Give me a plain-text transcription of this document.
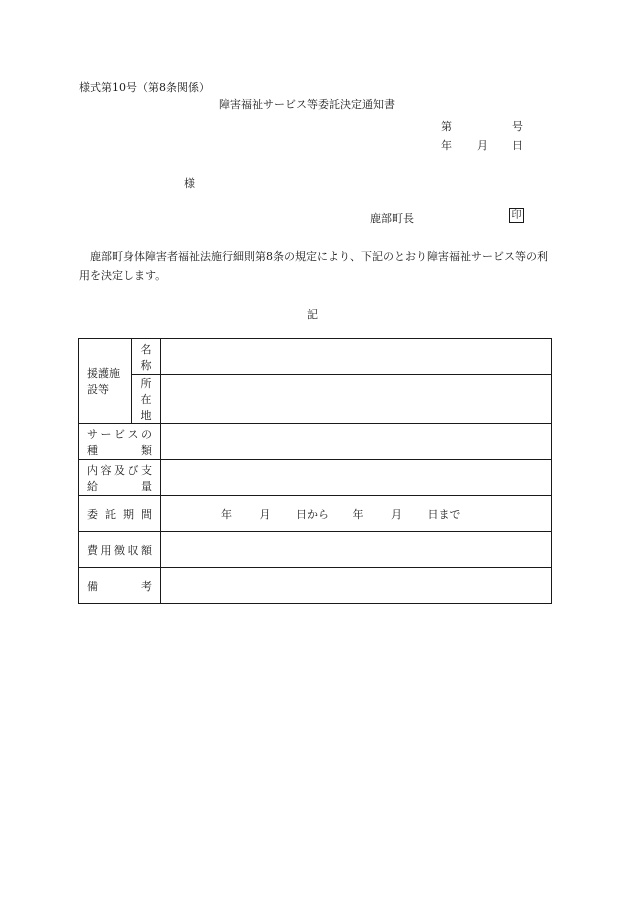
様式第10号（第8条関係）
障害福祉サービス等委託決定通知書
第	号
年 月 日
様
鹿部町長	印
鹿部町身体障害者福祉法施行細則第8条の規定により、下記のとおり障害福祉サービス等の利用を決定します。
記
援護施設等	名　称	
	所在地	
サービスの種類		
内容及び支給量		
委託期間		年 月 日から 年 月 日まで
費用徴収額		
備考		
